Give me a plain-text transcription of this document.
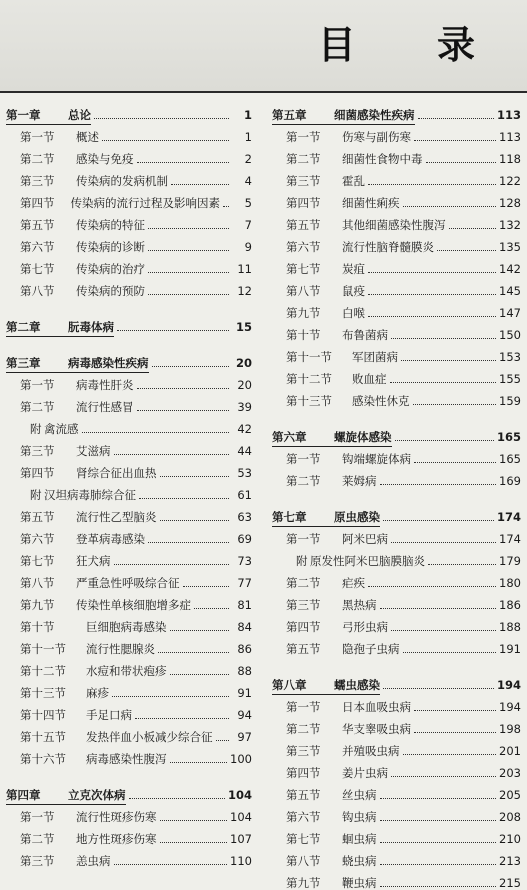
目 录
第一章	总论	1
第一节	概述	1
第二节	感染与免疫	2
第三节	传染病的发病机制	4
第四节	传染病的流行过程及影响因素	5
第五节	传染病的特征	7
第六节	传染病的诊断	9
第七节	传染病的治疗	11
第八节	传染病的预防	12
第二章	朊毒体病	15
第三章	病毒感染性疾病	20
第一节	病毒性肝炎	20
第二节	流行性感冒	39
附 禽流感	42
第三节	艾滋病	44
第四节	肾综合征出血热	53
附 汉坦病毒肺综合征	61
第五节	流行性乙型脑炎	63
第六节	登革病毒感染	69
第七节	狂犬病	73
第八节	严重急性呼吸综合征	77
第九节	传染性单核细胞增多症	81
第十节	巨细胞病毒感染	84
第十一节	流行性腮腺炎	86
第十二节	水痘和带状疱疹	88
第十三节	麻疹	91
第十四节	手足口病	94
第十五节	发热伴血小板减少综合征	97
第十六节	病毒感染性腹泻	100
第四章	立克次体病	104
第一节	流行性斑疹伤寒	104
第二节	地方性斑疹伤寒	107
第三节	恙虫病	110
第五章	细菌感染性疾病	113
第一节	伤寒与副伤寒	113
第二节	细菌性食物中毒	118
第三节	霍乱	122
第四节	细菌性痢疾	128
第五节	其他细菌感染性腹泻	132
第六节	流行性脑脊髓膜炎	135
第七节	炭疽	142
第八节	鼠疫	145
第九节	白喉	147
第十节	布鲁菌病	150
第十一节	军团菌病	153
第十二节	败血症	155
第十三节	感染性休克	159
第六章	螺旋体感染	165
第一节	钩端螺旋体病	165
第二节	莱姆病	169
第七章	原虫感染	174
第一节	阿米巴病	174
附 原发性阿米巴脑膜脑炎	179
第二节	疟疾	180
第三节	黑热病	186
第四节	弓形虫病	188
第五节	隐孢子虫病	191
第八章	蠕虫感染	194
第一节	日本血吸虫病	194
第二节	华支睾吸虫病	198
第三节	并殖吸虫病	201
第四节	姜片虫病	203
第五节	丝虫病	205
第六节	钩虫病	208
第七节	蛔虫病	210
第八节	蛲虫病	213
第九节	鞭虫病	215
